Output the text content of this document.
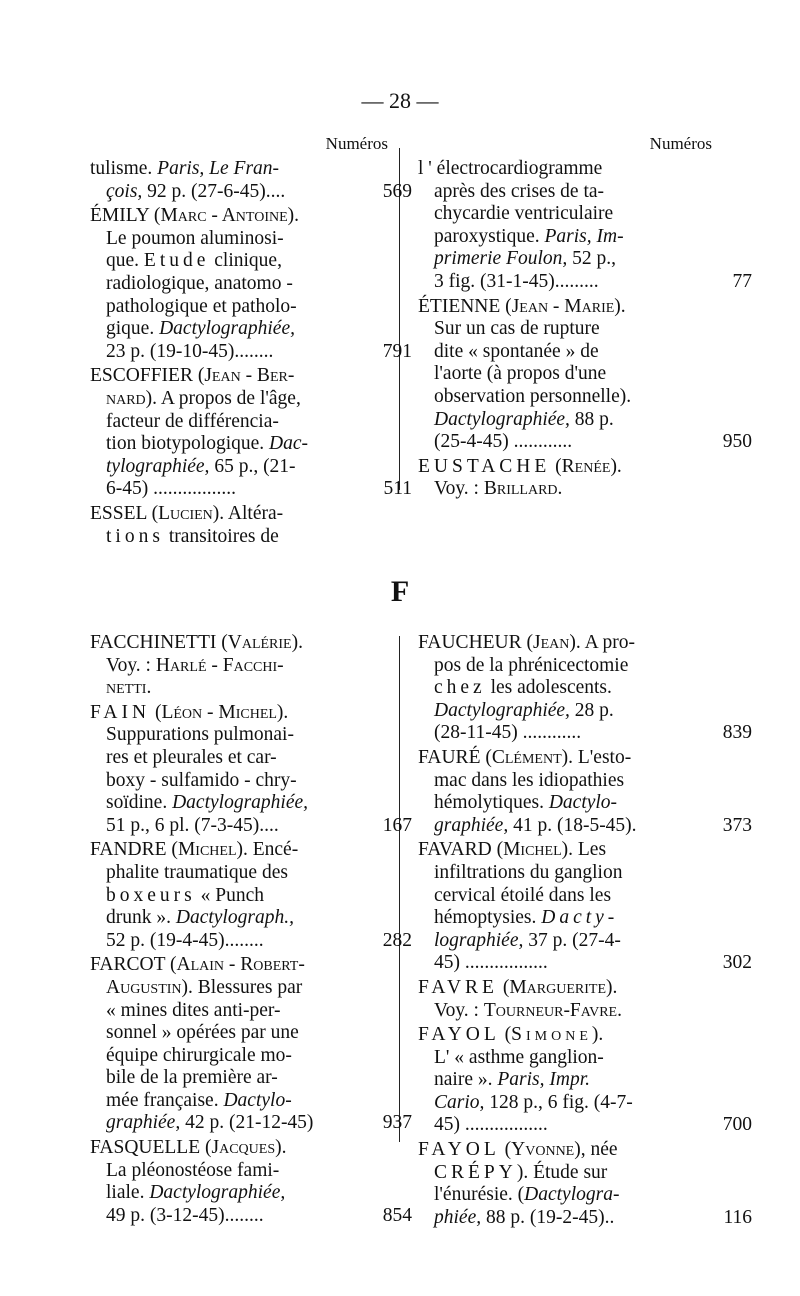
— 28 —
Numéros	Numéros
tulisme. Paris, Le Fran-
çois, 92 p. (27-6-45)....	569
ÉMILY (Marc - Antoine).
Le poumon aluminosi-
que. Etude clinique,
radiologique, anatomo -
pathologique et patholo-
gique. Dactylographiée,
23 p. (19-10-45)........	791
ESCOFFIER (Jean - Ber-
nard). A propos de l'âge,
facteur de différencia-
tion biotypologique. Dac-
tylographiée, 65 p., (21-
6-45) .................	511
ESSEL (Lucien). Altéra-
tions transitoires de
l ' électrocardiogramme
après des crises de ta-
chycardie ventriculaire
paroxystique. Paris, Im-
primerie Foulon, 52 p.,
3 fig. (31-1-45).........	77
ÉTIENNE (Jean - Marie).
Sur un cas de rupture
dite « spontanée » de
l'aorte (à propos d'une
observation personnelle).
Dactylographiée, 88 p.
(25-4-45) ............	950
EUSTACHE (Renée).
Voy. : Brillard.
F
FACCHINETTI (Valérie).
Voy. : Harlé - Facchi-
netti.
FAIN (Léon - Michel).
Suppurations pulmonai-
res et pleurales et car-
boxy - sulfamido - chry-
soïdine. Dactylographiée,
51 p., 6 pl. (7-3-45)....	167
FANDRE (Michel). Encé-
phalite traumatique des
boxeurs « Punch
drunk ». Dactylograph.,
52 p. (19-4-45)........	282
FARCOT (Alain - Robert-
Augustin). Blessures par
« mines dites anti-per-
sonnel » opérées par une
équipe chirurgicale mo-
bile de la première ar-
mée française. Dactylo-
graphiée, 42 p. (21-12-45)	937
FASQUELLE (Jacques).
La pléonostéose fami-
liale. Dactylographiée,
49 p. (3-12-45)........	854
FAUCHEUR (Jean). A pro-
pos de la phrénicectomie
chez les adolescents.
Dactylographiée, 28 p.
(28-11-45) ............	839
FAURÉ (Clément). L'esto-
mac dans les idiopathies
hémolytiques. Dactylo-
graphiée, 41 p. (18-5-45).	373
FAVARD (Michel). Les
infiltrations du ganglion
cervical étoilé dans les
hémoptysies. Dacty-
lographiée, 37 p. (27-4-
45) .................	302
FAVRE (Marguerite).
Voy. : Tourneur-Favre.
FAYOL (Simone).
L' « asthme ganglion-
naire ». Paris, Impr.
Cario, 128 p., 6 fig. (4-7-
45) .................	700
FAYOL (Yvonne), née
CRÉPY). Étude sur
l'énurésie. (Dactylogra-
phiée, 88 p. (19-2-45)..	116
